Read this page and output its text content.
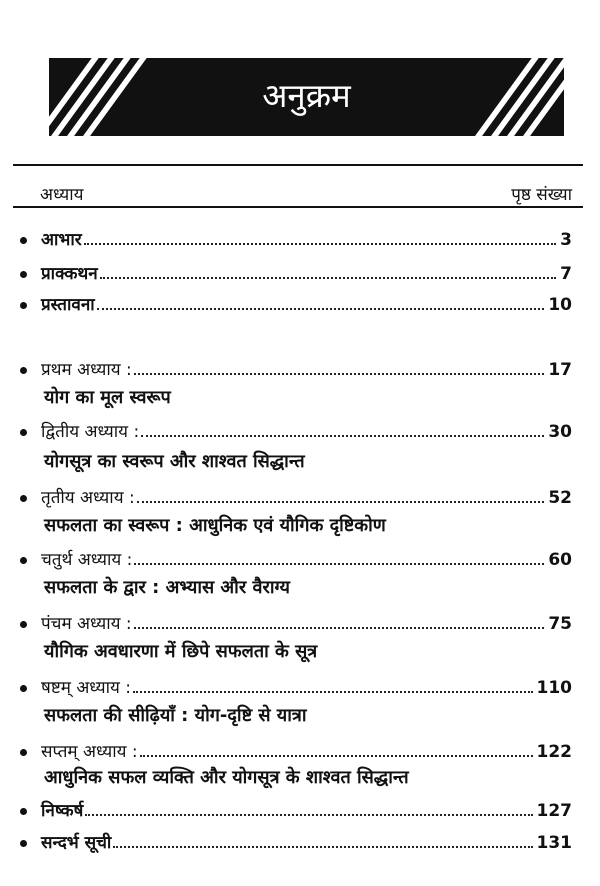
अनुक्रम
अध्याय	पृष्ठ संख्या
आभार	3
प्राक्कथन	7
प्रस्तावना	10
प्रथम अध्याय :	17
योग का मूल स्वरूप
द्वितीय अध्याय :	30
योगसूत्र का स्वरूप और शाश्वत सिद्धान्त
तृतीय अध्याय :	52
सफलता का स्वरूप : आधुनिक एवं यौगिक दृष्टिकोण
चतुर्थ अध्याय :	60
सफलता के द्वार : अभ्यास और वैराग्य
पंचम अध्याय :	75
यौगिक अवधारणा में छिपे सफलता के सूत्र
षष्टम् अध्याय :	110
सफलता की सीढ़ियाँ : योग-दृष्टि से यात्रा
सप्तम् अध्याय :	122
आधुनिक सफल व्यक्ति और योगसूत्र के शाश्वत सिद्धान्त
निष्कर्ष	127
सन्दर्भ सूची	131
